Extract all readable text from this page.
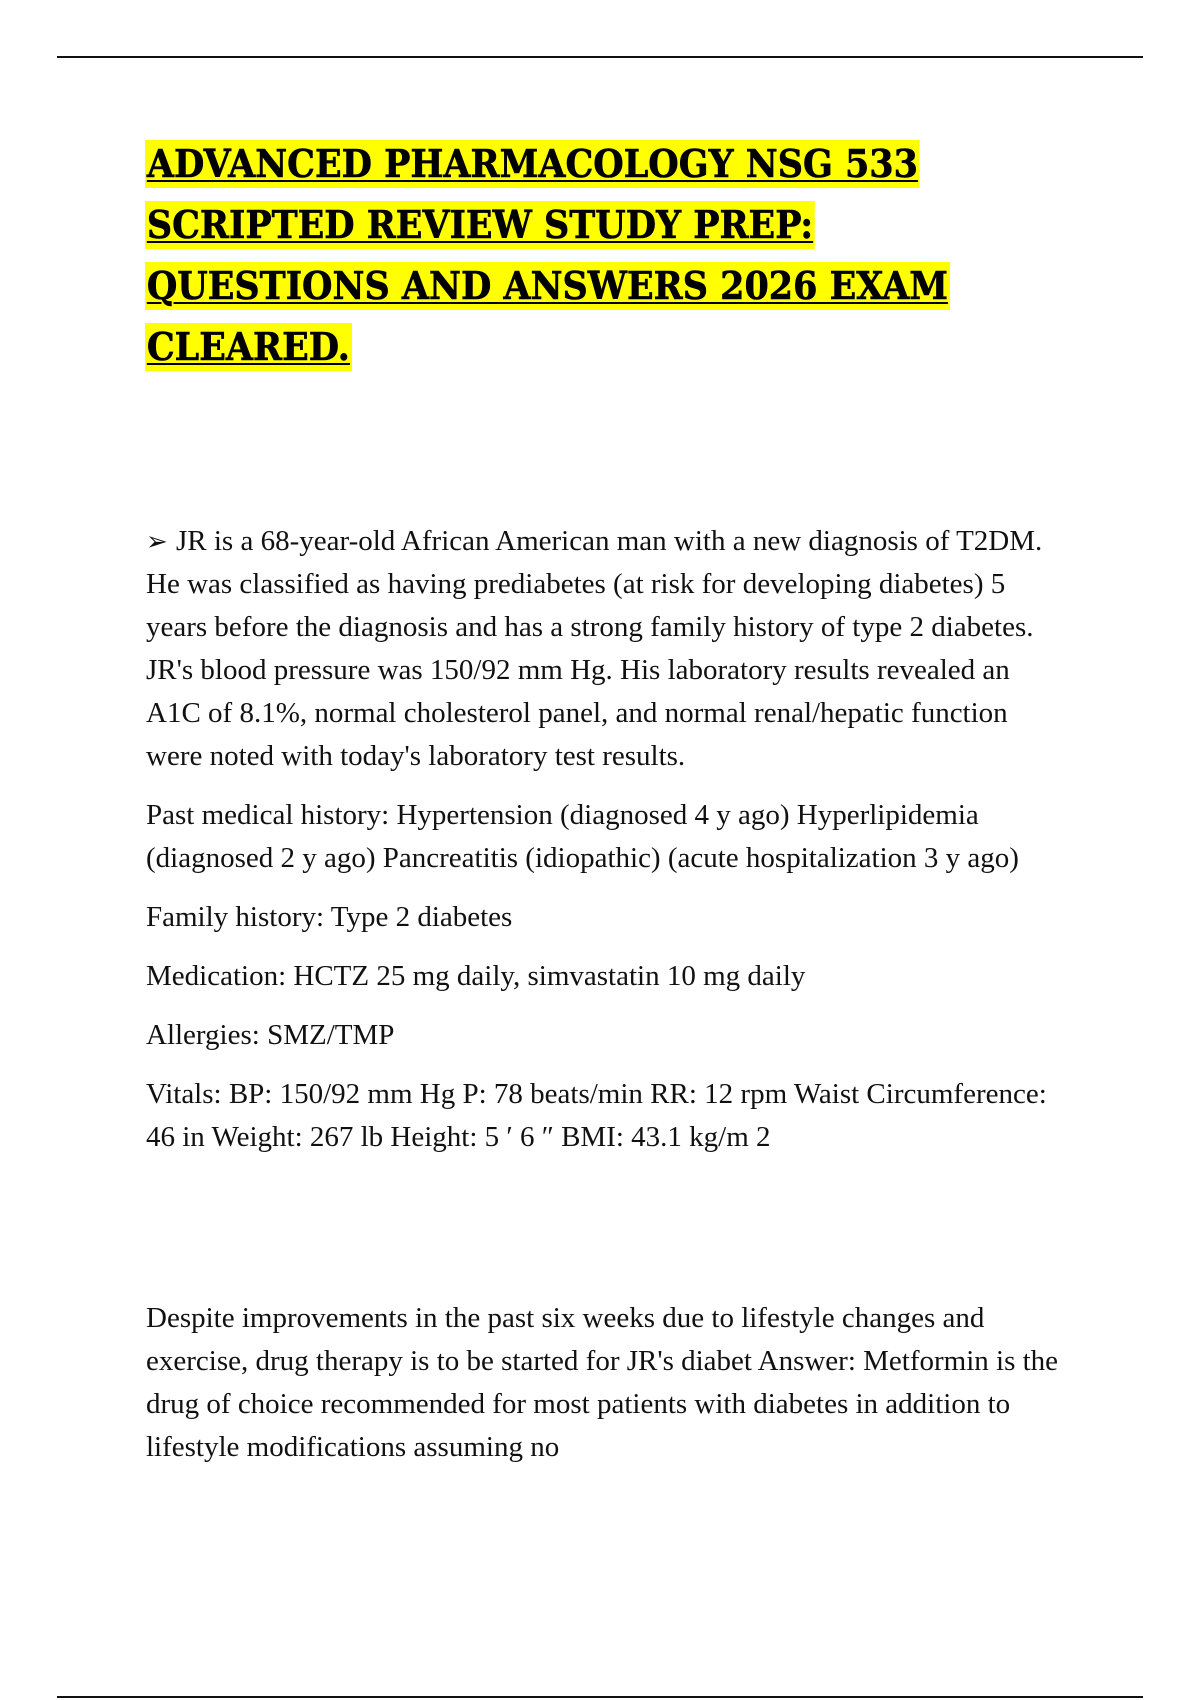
ADVANCED PHARMACOLOGY NSG 533
SCRIPTED REVIEW STUDY PREP:
QUESTIONS AND ANSWERS 2026 EXAM
CLEARED.

➢ JR is a 68-year-old African American man with a new diagnosis of T2DM. He was classified as having prediabetes (at risk for developing diabetes) 5 years before the diagnosis and has a strong family history of type 2 diabetes. JR's blood pressure was 150/92 mm Hg. His laboratory results revealed an A1C of 8.1%, normal cholesterol panel, and normal renal/hepatic function were noted with today's laboratory test results.

Past medical history: Hypertension (diagnosed 4 y ago) Hyperlipidemia (diagnosed 2 y ago) Pancreatitis (idiopathic) (acute hospitalization 3 y ago)

Family history: Type 2 diabetes

Medication: HCTZ 25 mg daily, simvastatin 10 mg daily

Allergies: SMZ/TMP

Vitals: BP: 150/92 mm Hg P: 78 beats/min RR: 12 rpm Waist Circumference: 46 in Weight: 267 lb Height: 5 ′ 6 ″ BMI: 43.1 kg/m 2

Despite improvements in the past six weeks due to lifestyle changes and exercise, drug therapy is to be started for JR's diabet Answer: Metformin is the drug of choice recommended for most patients with diabetes in addition to lifestyle modifications assuming no
